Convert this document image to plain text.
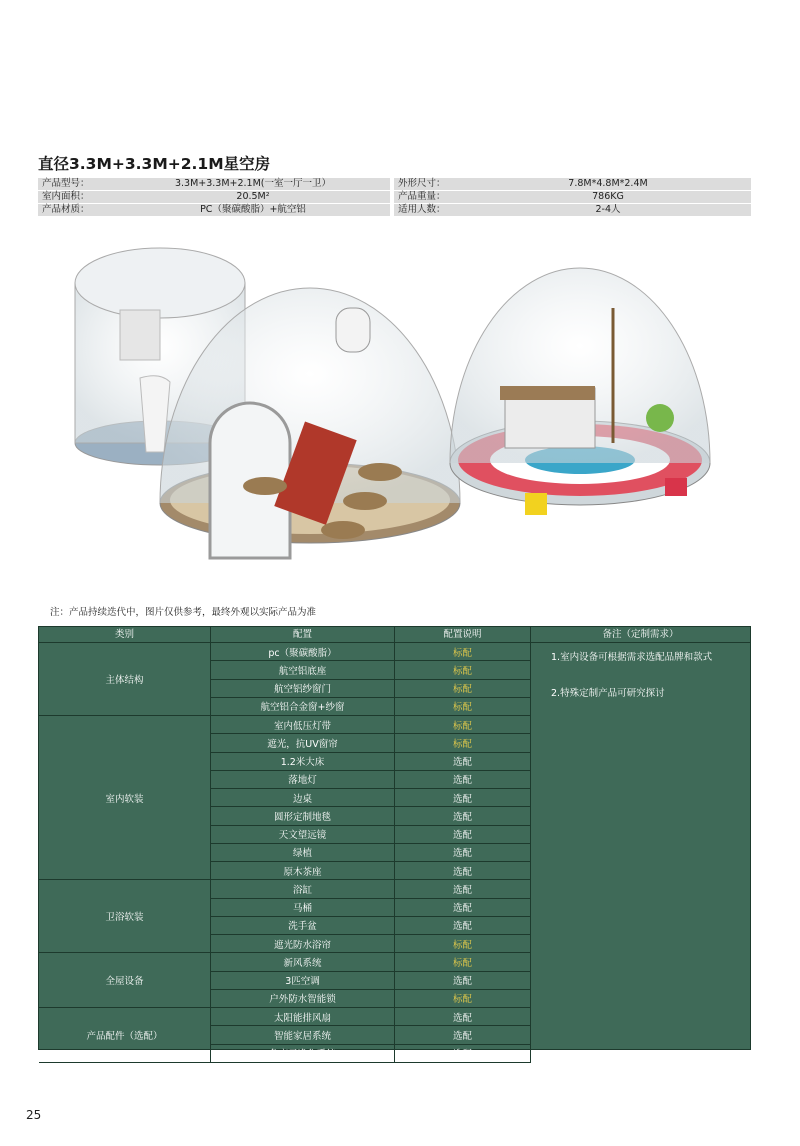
直径3.3M+3.3M+2.1M星空房
产品型号：	3.3M+3.3M+2.1M(一室一厅一卫）	外形尺寸：	7.8M*4.8M*2.4M
室内面积：	20.5M²	产品重量：	786KG
产品材质：	PC（聚碳酸脂）+航空铝	适用人数：	2-4人
注：产品持续迭代中，图片仅供参考，最终外观以实际产品为准
类别	配置	配置说明	备注（定制需求）
主体结构
pc（聚碳酸脂）	标配
航空铝底座	标配
航空铝纱窗门	标配
航空铝合金窗+纱窗	标配
室内软装
室内低压灯带	标配
遮光，抗UV窗帘	标配
1.2米大床	选配
落地灯	选配
边桌	选配
圆形定制地毯	选配
天文望远镜	选配
绿植	选配
原木茶座	选配
卫浴软装
浴缸	选配
马桶	选配
洗手盆	选配
遮光防水浴帘	标配
全屋设备
新风系统	标配
3匹空调	选配
户外防水智能锁	标配
产品配件（选配）
太阳能排风扇	选配
智能家居系统	选配
负离子净化系统	选配
1.室内设备可根据需求选配品牌和款式
2.特殊定制产品可研究探讨
25
